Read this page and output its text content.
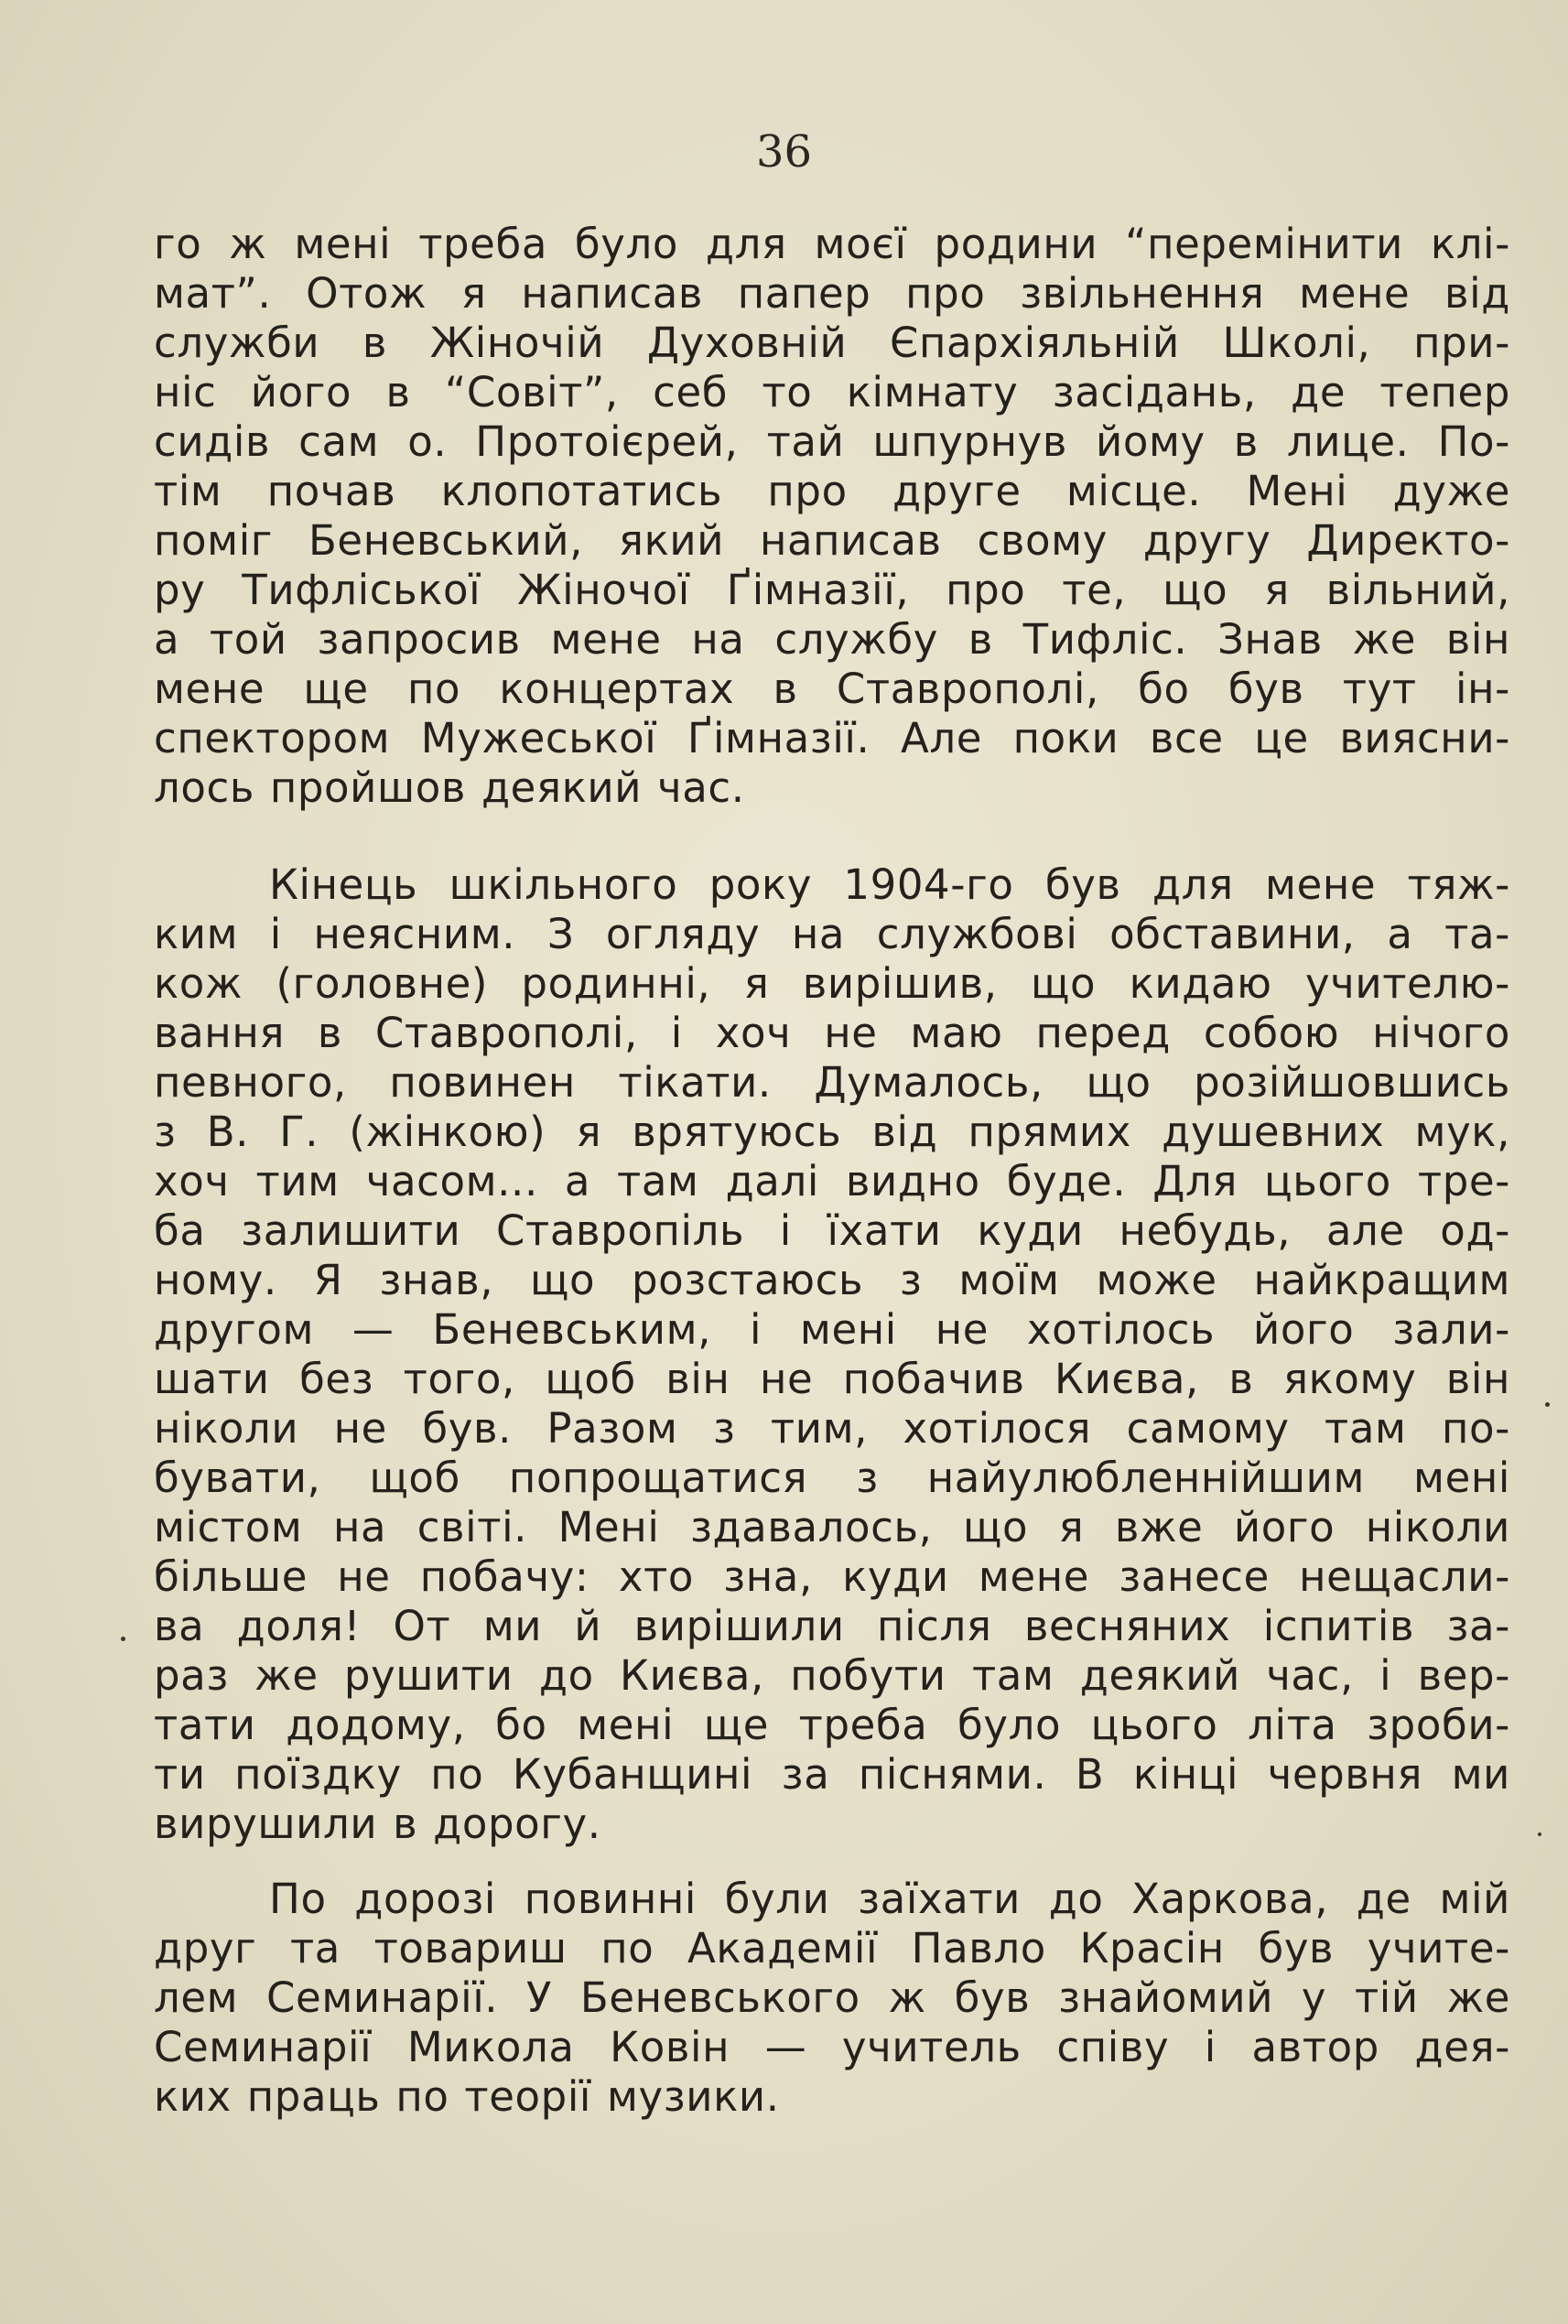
36
го ж мені треба було для моєї родини “перемінити клі-
мат”. Отож я написав папер про звільнення мене від
служби в Жіночій Духовній Єпархіяльній Школі, при-
ніс його в “Совіт”, себ то кімнату засідань, де тепер
сидів сам о. Протоієрей, тай шпурнув йому в лице. По-
тім почав клопотатись про друге місце. Мені дуже
поміг Беневський, який написав свому другу Директо-
ру Тифліської Жіночої Ґімназії, про те, що я вільний,
а той запросив мене на службу в Тифліс. Знав же він
мене ще по концертах в Ставрополі, бо був тут ін-
спектором Мужеської Ґімназії. Але поки все це виясни-
лось пройшов деякий час.
Кінець шкільного року 1904-го був для мене тяж-
ким і неясним. З огляду на службові обставини, а та-
кож (головне) родинні, я вирішив, що кидаю учителю-
вання в Ставрополі, і хоч не маю перед собою нічого
певного, повинен тікати. Думалось, що розійшовшись
з В. Г. (жінкою) я врятуюсь від прямих душевних мук,
хоч тим часом... а там далі видно буде. Для цього тре-
ба залишити Ставропіль і їхати куди небудь, але од-
ному. Я знав, що розстаюсь з моїм може найкращим
другом — Беневським, і мені не хотілось його зали-
шати без того, щоб він не побачив Києва, в якому він
ніколи не був. Разом з тим, хотілося самому там по-
бувати, щоб попрощатися з найулюбленнійшим мені
містом на світі. Мені здавалось, що я вже його ніколи
більше не побачу: хто зна, куди мене занесе нещасли-
ва доля! От ми й вирішили після весняних іспитів за-
раз же рушити до Києва, побути там деякий час, і вер-
тати додому, бо мені ще треба було цього літа зроби-
ти поїздку по Кубанщині за піснями. В кінці червня ми
вирушили в дорогу.
По дорозі повинні були заїхати до Харкова, де мій
друг та товариш по Академії Павло Красін був учите-
лем Семинарії. У Беневського ж був знайомий у тій же
Семинарії Микола Ковін — учитель співу і автор дея-
ких праць по теорії музики.
